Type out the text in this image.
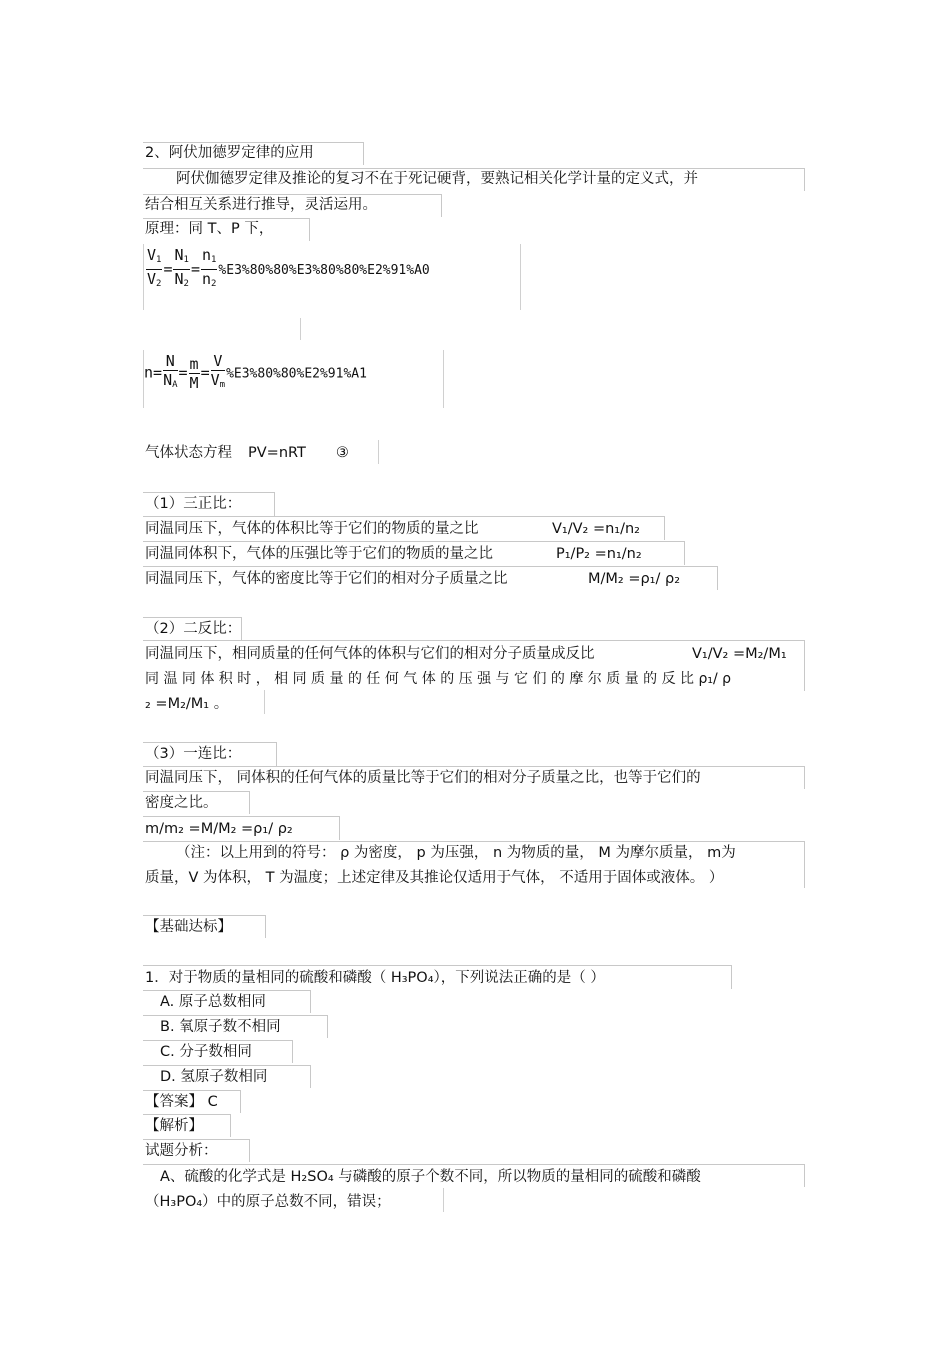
2、阿伏加德罗定律的应用
阿伏伽德罗定律及推论的复习不在于死记硬背，要熟记相关化学计量的定义式，并
结合相互关系进行推导，灵活运用。
原理：同 T、P 下，
$\frac{V_1}{V_2} = \frac{N_1}{N_2} = \frac{n_1}{n_2} \%E3\%80\%80\%E3\%80\%80\%E2\%91\%A0$
$n= \frac{N}{N_A} = \frac{m}{M} = \frac{V}{V_m} \%E3\%80\%80\%E2\%91\%A1$
气体状态方程 PV=nRT ③
（1）三正比：
同温同压下，气体的体积比等于它们的物质的量之比	V₁/V₂ =n₁/n₂
同温同体积下，气体的压强比等于它们的物质的量之比	P₁/P₂ =n₁/n₂
同温同压下，气体的密度比等于它们的相对分子质量之比	M/M₂ =ρ₁/ ρ₂
（2）二反比：
同温同压下，相同质量的任何气体的体积与它们的相对分子质量成反比	V₁/V₂ =M₂/M₁
同 温 同 体 积 时 ， 相 同 质 量 的 任 何 气 体 的 压 强 与 它 们 的 摩 尔 质 量 的 反 比 ρ₁/ ρ
₂ =M₂/M₁ 。
（3）一连比：
同温同压下， 同体积的任何气体的质量比等于它们的相对分子质量之比，也等于它们的
密度之比。
m/m₂ =M/M₂ =ρ₁/ ρ₂
（注：以上用到的符号： ρ 为密度， p 为压强， n 为物质的量， M 为摩尔质量， m为
质量，V 为体积， T 为温度；上述定律及其推论仅适用于气体， 不适用于固体或液体。 ）
【基础达标】
1．对于物质的量相同的硫酸和磷酸（ H₃PO₄），下列说法正确的是（ ）
A. 原子总数相同
B. 氧原子数不相同
C. 分子数相同
D. 氢原子数相同
【答案】 C
【解析】
试题分析：
A、硫酸的化学式是 H₂SO₄ 与磷酸的原子个数不同，所以物质的量相同的硫酸和磷酸
（H₃PO₄）中的原子总数不同，错误；
